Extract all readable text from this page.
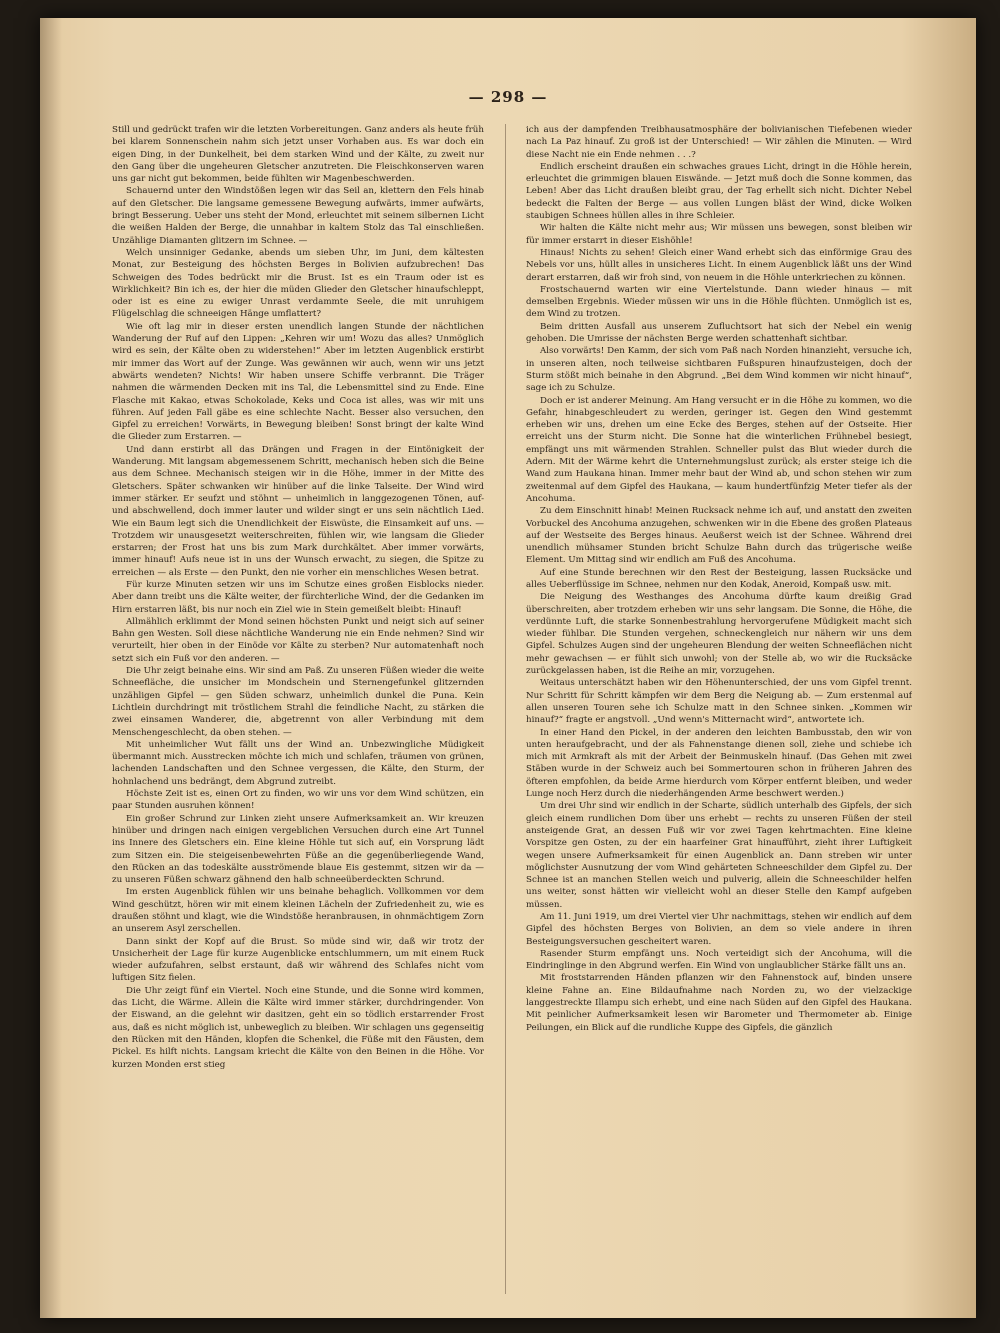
— 298 —

Still und gedrückt trafen wir die letzten Vorbereitungen. Ganz anders als heute früh bei klarem Sonnenschein nahm sich jetzt unser Vorhaben aus. Es war doch ein eigen Ding, in der Dunkelheit, bei dem starken Wind und der Kälte, zu zweit nur den Gang über die ungeheuren Gletscher anzutreten. Die Fleischkonserven waren uns gar nicht gut bekommen, beide fühlten wir Magenbeschwerden.

Schauernd unter den Windstößen legen wir das Seil an, klettern den Fels hinab auf den Gletscher. Die langsame gemessene Bewegung aufwärts, immer aufwärts, bringt Besserung. Ueber uns steht der Mond, erleuchtet mit seinem silbernen Licht die weißen Halden der Berge, die unnahbar in kaltem Stolz das Tal einschließen. Unzählige Diamanten glitzern im Schnee. —

Welch unsinniger Gedanke, abends um sieben Uhr, im Juni, dem kältesten Monat, zur Besteigung des höchsten Berges in Bolivien aufzubrechen! Das Schweigen des Todes bedrückt mir die Brust. Ist es ein Traum oder ist es Wirklichkeit? Bin ich es, der hier die müden Glieder den Gletscher hinaufschleppt, oder ist es eine zu ewiger Unrast verdammte Seele, die mit unruhigem Flügelschlag die schneeigen Hänge umflattert?

Wie oft lag mir in dieser ersten unendlich langen Stunde der nächtlichen Wanderung der Ruf auf den Lippen: „Kehren wir um! Wozu das alles? Unmöglich wird es sein, der Kälte oben zu widerstehen!“ Aber im letzten Augenblick erstirbt mir immer das Wort auf der Zunge. Was gewännen wir auch, wenn wir uns jetzt abwärts wendeten? Nichts! Wir haben unsere Schiffe verbrannt. Die Träger nahmen die wärmenden Decken mit ins Tal, die Lebensmittel sind zu Ende. Eine Flasche mit Kakao, etwas Schokolade, Keks und Coca ist alles, was wir mit uns führen. Auf jeden Fall gäbe es eine schlechte Nacht. Besser also versuchen, den Gipfel zu erreichen! Vorwärts, in Bewegung bleiben! Sonst bringt der kalte Wind die Glieder zum Erstarren. —

Und dann erstirbt all das Drängen und Fragen in der Eintönigkeit der Wanderung. Mit langsam abgemessenem Schritt, mechanisch heben sich die Beine aus dem Schnee. Mechanisch steigen wir in die Höhe, immer in der Mitte des Gletschers. Später schwanken wir hinüber auf die linke Talseite. Der Wind wird immer stärker. Er seufzt und stöhnt — unheimlich in langgezogenen Tönen, auf- und abschwellend, doch immer lauter und wilder singt er uns sein nächtlich Lied. Wie ein Baum legt sich die Unendlichkeit der Eiswüste, die Einsamkeit auf uns. — Trotzdem wir unausgesetzt weiterschreiten, fühlen wir, wie langsam die Glieder erstarren; der Frost hat uns bis zum Mark durchkältet. Aber immer vorwärts, immer hinauf! Aufs neue ist in uns der Wunsch erwacht, zu siegen, die Spitze zu erreichen — als Erste — den Punkt, den nie vorher ein menschliches Wesen betrat.

Für kurze Minuten setzen wir uns im Schutze eines großen Eisblocks nieder. Aber dann treibt uns die Kälte weiter, der fürchterliche Wind, der die Gedanken im Hirn erstarren läßt, bis nur noch ein Ziel wie in Stein gemeißelt bleibt: Hinauf!

Allmählich erklimmt der Mond seinen höchsten Punkt und neigt sich auf seiner Bahn gen Westen. Soll diese nächtliche Wanderung nie ein Ende nehmen? Sind wir verurteilt, hier oben in der Einöde vor Kälte zu sterben? Nur automatenhaft noch setzt sich ein Fuß vor den anderen. —

Die Uhr zeigt beinahe eins. Wir sind am Paß. Zu unseren Füßen wieder die weite Schneefläche, die unsicher im Mondschein und Sternengefunkel glitzernden unzähligen Gipfel — gen Süden schwarz, unheimlich dunkel die Puna. Kein Lichtlein durchdringt mit tröstlichem Strahl die feindliche Nacht, zu stärken die zwei einsamen Wanderer, die, abgetrennt von aller Verbindung mit dem Menschengeschlecht, da oben stehen. —

Mit unheimlicher Wut fällt uns der Wind an. Unbezwingliche Müdigkeit übermannt mich. Ausstrecken möchte ich mich und schlafen, träumen von grünen, lachenden Landschaften und den Schnee vergessen, die Kälte, den Sturm, der hohnlachend uns bedrängt, dem Abgrund zutreibt.

Höchste Zeit ist es, einen Ort zu finden, wo wir uns vor dem Wind schützen, ein paar Stunden ausruhen können!

Ein großer Schrund zur Linken zieht unsere Aufmerksamkeit an. Wir kreuzen hinüber und dringen nach einigen vergeblichen Versuchen durch eine Art Tunnel ins Innere des Gletschers ein. Eine kleine Höhle tut sich auf, ein Vorsprung lädt zum Sitzen ein. Die steigeisenbewehrten Füße an die gegenüberliegende Wand, den Rücken an das todeskälte ausströmende blaue Eis gestemmt, sitzen wir da — zu unseren Füßen schwarz gähnend den halb schneeüberdeckten Schrund.

Im ersten Augenblick fühlen wir uns beinahe behaglich. Vollkommen vor dem Wind geschützt, hören wir mit einem kleinen Lächeln der Zufriedenheit zu, wie es draußen stöhnt und klagt, wie die Windstöße heranbrausen, in ohnmächtigem Zorn an unserem Asyl zerschellen.

Dann sinkt der Kopf auf die Brust. So müde sind wir, daß wir trotz der Unsicherheit der Lage für kurze Augenblicke entschlummern, um mit einem Ruck wieder aufzufahren, selbst erstaunt, daß wir während des Schlafes nicht vom luftigen Sitz fielen.

Die Uhr zeigt fünf ein Viertel. Noch eine Stunde, und die Sonne wird kommen, das Licht, die Wärme. Allein die Kälte wird immer stärker, durchdringender. Von der Eiswand, an die gelehnt wir dasitzen, geht ein so tödlich erstarrender Frost aus, daß es nicht möglich ist, unbeweglich zu bleiben. Wir schlagen uns gegenseitig den Rücken mit den Händen, klopfen die Schenkel, die Füße mit den Fäusten, dem Pickel. Es hilft nichts. Langsam kriecht die Kälte von den Beinen in die Höhe. Vor kurzen Monden erst stieg

ich aus der dampfenden Treibhausatmosphäre der bolivianischen Tiefebenen wieder nach La Paz hinauf. Zu groß ist der Unterschied! — Wir zählen die Minuten. — Wird diese Nacht nie ein Ende nehmen . . .?

Endlich erscheint draußen ein schwaches graues Licht, dringt in die Höhle herein, erleuchtet die grimmigen blauen Eiswände. — Jetzt muß doch die Sonne kommen, das Leben! Aber das Licht draußen bleibt grau, der Tag erhellt sich nicht. Dichter Nebel bedeckt die Falten der Berge — aus vollen Lungen bläst der Wind, dicke Wolken staubigen Schnees hüllen alles in ihre Schleier.

Wir halten die Kälte nicht mehr aus; Wir müssen uns bewegen, sonst bleiben wir für immer erstarrt in dieser Eishöhle!

Hinaus! Nichts zu sehen! Gleich einer Wand erhebt sich das einförmige Grau des Nebels vor uns, hüllt alles in unsicheres Licht. In einem Augenblick läßt uns der Wind derart erstarren, daß wir froh sind, von neuem in die Höhle unterkriechen zu können.

Frostschauernd warten wir eine Viertelstunde. Dann wieder hinaus — mit demselben Ergebnis. Wieder müssen wir uns in die Höhle flüchten. Unmöglich ist es, dem Wind zu trotzen.

Beim dritten Ausfall aus unserem Zufluchtsort hat sich der Nebel ein wenig gehoben. Die Umrisse der nächsten Berge werden schattenhaft sichtbar.

Also vorwärts! Den Kamm, der sich vom Paß nach Norden hinanzieht, versuche ich, in unseren alten, noch teilweise sichtbaren Fußspuren hinaufzusteigen, doch der Sturm stößt mich beinahe in den Abgrund. „Bei dem Wind kommen wir nicht hinauf“, sage ich zu Schulze.

Doch er ist anderer Meinung. Am Hang versucht er in die Höhe zu kommen, wo die Gefahr, hinabgeschleudert zu werden, geringer ist. Gegen den Wind gestemmt erheben wir uns, drehen um eine Ecke des Berges, stehen auf der Ostseite. Hier erreicht uns der Sturm nicht. Die Sonne hat die winterlichen Frühnebel besiegt, empfängt uns mit wärmenden Strahlen. Schneller pulst das Blut wieder durch die Adern. Mit der Wärme kehrt die Unternehmungslust zurück; als erster steige ich die Wand zum Haukana hinan. Immer mehr baut der Wind ab, und schon stehen wir zum zweitenmal auf dem Gipfel des Haukana, — kaum hundertfünfzig Meter tiefer als der Ancohuma.

Zu dem Einschnitt hinab! Meinen Rucksack nehme ich auf, und anstatt den zweiten Vorbuckel des Ancohuma anzugehen, schwenken wir in die Ebene des großen Plateaus auf der Westseite des Berges hinaus. Aeußerst weich ist der Schnee. Während drei unendlich mühsamer Stunden bricht Schulze Bahn durch das trügerische weiße Element. Um Mittag sind wir endlich am Fuß des Ancohuma.

Auf eine Stunde berechnen wir den Rest der Besteigung, lassen Rucksäcke und alles Ueberflüssige im Schnee, nehmen nur den Kodak, Aneroid, Kompaß usw. mit.

Die Neigung des Westhanges des Ancohuma dürfte kaum dreißig Grad überschreiten, aber trotzdem erheben wir uns sehr langsam. Die Sonne, die Höhe, die verdünnte Luft, die starke Sonnenbestrahlung hervorgerufene Müdigkeit macht sich wieder fühlbar. Die Stunden vergehen, schneckengleich nur nähern wir uns dem Gipfel. Schulzes Augen sind der ungeheuren Blendung der weiten Schneeflächen nicht mehr gewachsen — er fühlt sich unwohl; von der Stelle ab, wo wir die Rucksäcke zurückgelassen haben, ist die Reihe an mir, vorzugehen.

Weitaus unterschätzt haben wir den Höhenunterschied, der uns vom Gipfel trennt. Nur Schritt für Schritt kämpfen wir dem Berg die Neigung ab. — Zum erstenmal auf allen unseren Touren sehe ich Schulze matt in den Schnee sinken. „Kommen wir hinauf?“ fragte er angstvoll. „Und wenn's Mitternacht wird“, antwortete ich.

In einer Hand den Pickel, in der anderen den leichten Bambusstab, den wir von unten heraufgebracht, und der als Fahnenstange dienen soll, ziehe und schiebe ich mich mit Armkraft als mit der Arbeit der Beinmuskeln hinauf. (Das Gehen mit zwei Stäben wurde in der Schweiz auch bei Sommertouren schon in früheren Jahren des öfteren empfohlen, da beide Arme hierdurch vom Körper entfernt bleiben, und weder Lunge noch Herz durch die niederhängenden Arme beschwert werden.)

Um drei Uhr sind wir endlich in der Scharte, südlich unterhalb des Gipfels, der sich gleich einem rundlichen Dom über uns erhebt — rechts zu unseren Füßen der steil ansteigende Grat, an dessen Fuß wir vor zwei Tagen kehrtmachten. Eine kleine Vorspitze gen Osten, zu der ein haarfeiner Grat hinaufführt, zieht ihrer Luftigkeit wegen unsere Aufmerksamkeit für einen Augenblick an. Dann streben wir unter möglichster Ausnutzung der vom Wind gehärteten Schneeschilder dem Gipfel zu. Der Schnee ist an manchen Stellen weich und pulverig, allein die Schneeschilder helfen uns weiter, sonst hätten wir vielleicht wohl an dieser Stelle den Kampf aufgeben müssen.

Am 11. Juni 1919, um drei Viertel vier Uhr nachmittags, stehen wir endlich auf dem Gipfel des höchsten Berges von Bolivien, an dem so viele andere in ihren Besteigungsversuchen gescheitert waren.

Rasender Sturm empfängt uns. Noch verteidigt sich der Ancohuma, will die Eindringlinge in den Abgrund werfen. Ein Wind von unglaublicher Stärke fällt uns an.

Mit froststarrenden Händen pflanzen wir den Fahnenstock auf, binden unsere kleine Fahne an. Eine Bildaufnahme nach Norden zu, wo der vielzackige langgestreckte Illampu sich erhebt, und eine nach Süden auf den Gipfel des Haukana. Mit peinlicher Aufmerksamkeit lesen wir Barometer und Thermometer ab. Einige Peilungen, ein Blick auf die rundliche Kuppe des Gipfels, die gänzlich
